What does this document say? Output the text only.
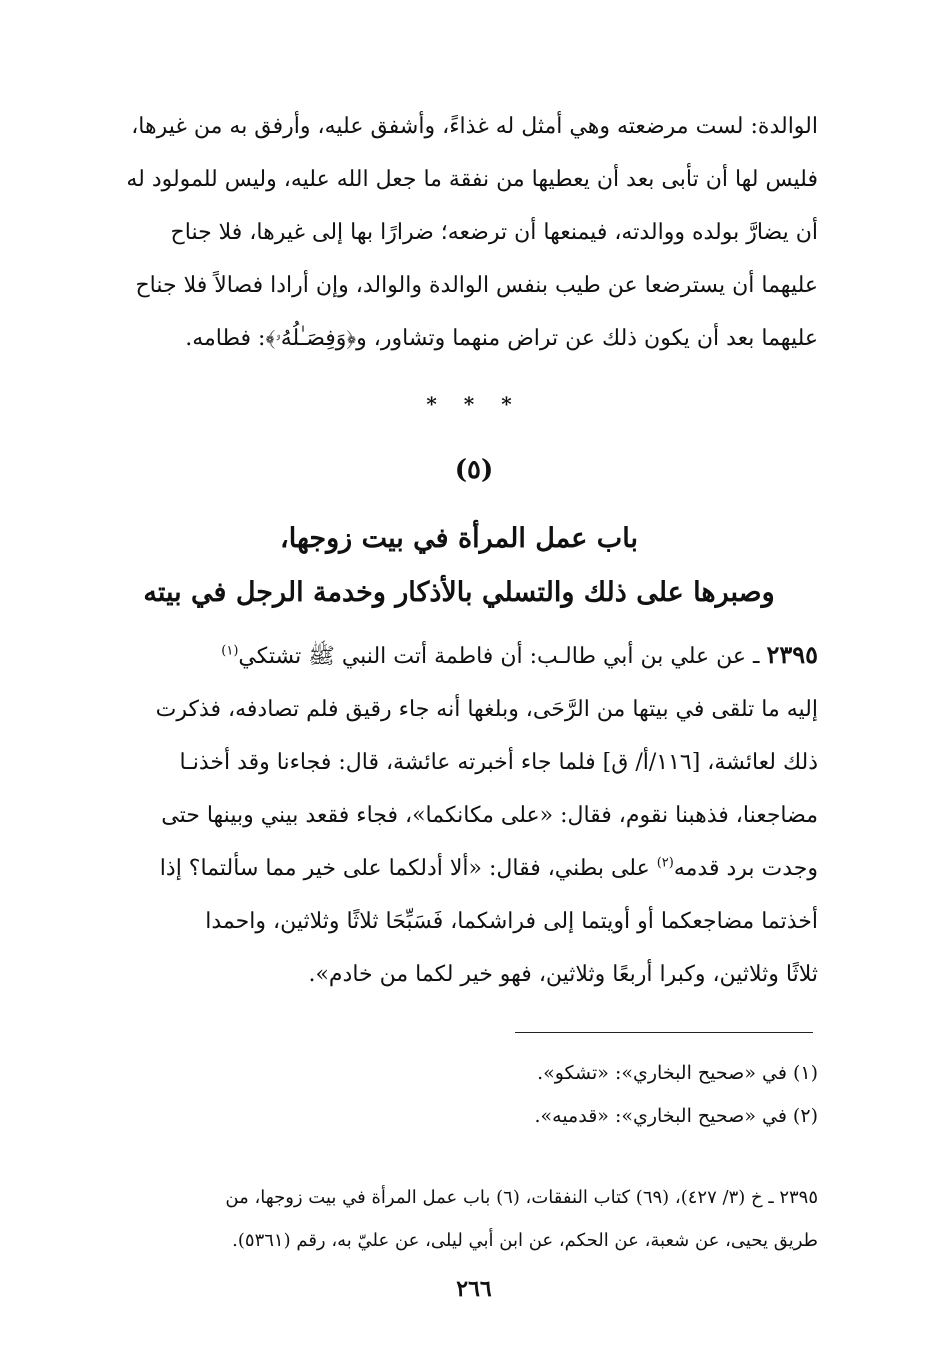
الوالدة: لست مرضعته وهي أمثل له غذاءً، وأشفق عليه، وأرفق به من غيرها،
فليس لها أن تأبى بعد أن يعطيها من نفقة ما جعل الله عليه، وليس للمولود له
أن يضارَّ بولده ووالدته، فيمنعها أن ترضعه؛ ضرارًا بها إلى غيرها، فلا جناح
عليهما أن يسترضعا عن طيب بنفس الوالدة والوالد، وإن أرادا فصالاً فلا جناح
عليهما بعد أن يكون ذلك عن تراض منهما وتشاور، و﴿وَفِصَـٰلُهُۥ﴾: فطامه.
* * *
(٥)
باب عمل المرأة في بيت زوجها،
وصبرها على ذلك والتسلي بالأذكار وخدمة الرجل في بيته
٢٣٩٥ ـ عن علي بن أبي طالـب: أن فاطمة أتت النبي ﷺ تشتكي$^{(١)}$
إليه ما تلقى في بيتها من الرَّحَى، وبلغها أنه جاء رقيق فلم تصادفه، فذكرت
ذلك لعائشة، [١١٦/أ/ ق] فلما جاء أخبرته عائشة، قال: فجاءنا وقد أخذنـا
مضاجعنا، فذهبنا نقوم، فقال: «على مكانكما»، فجاء فقعد بيني وبينها حتى
وجدت برد قدمه$^{(٢)}$ على بطني، فقال: «ألا أدلكما على خير مما سألتما؟ إذا
أخذتما مضاجعكما أو أويتما إلى فراشكما، فَسَبِّحَا ثلاثًا وثلاثين، واحمدا
ثلاثًا وثلاثين، وكبرا أربعًا وثلاثين، فهو خير لكما من خادم».
(١) في «صحيح البخاري»: «تشكو».
(٢) في «صحيح البخاري»: «قدميه».
٢٣٩٥ ـ خ (٣/ ٤٢٧)، (٦٩) كتاب النفقات، (٦) باب عمل المرأة في بيت زوجها، من
طريق يحيى، عن شعبة، عن الحكم، عن ابن أبي ليلى، عن عليّ به، رقم (٥٣٦١).
٢٦٦
